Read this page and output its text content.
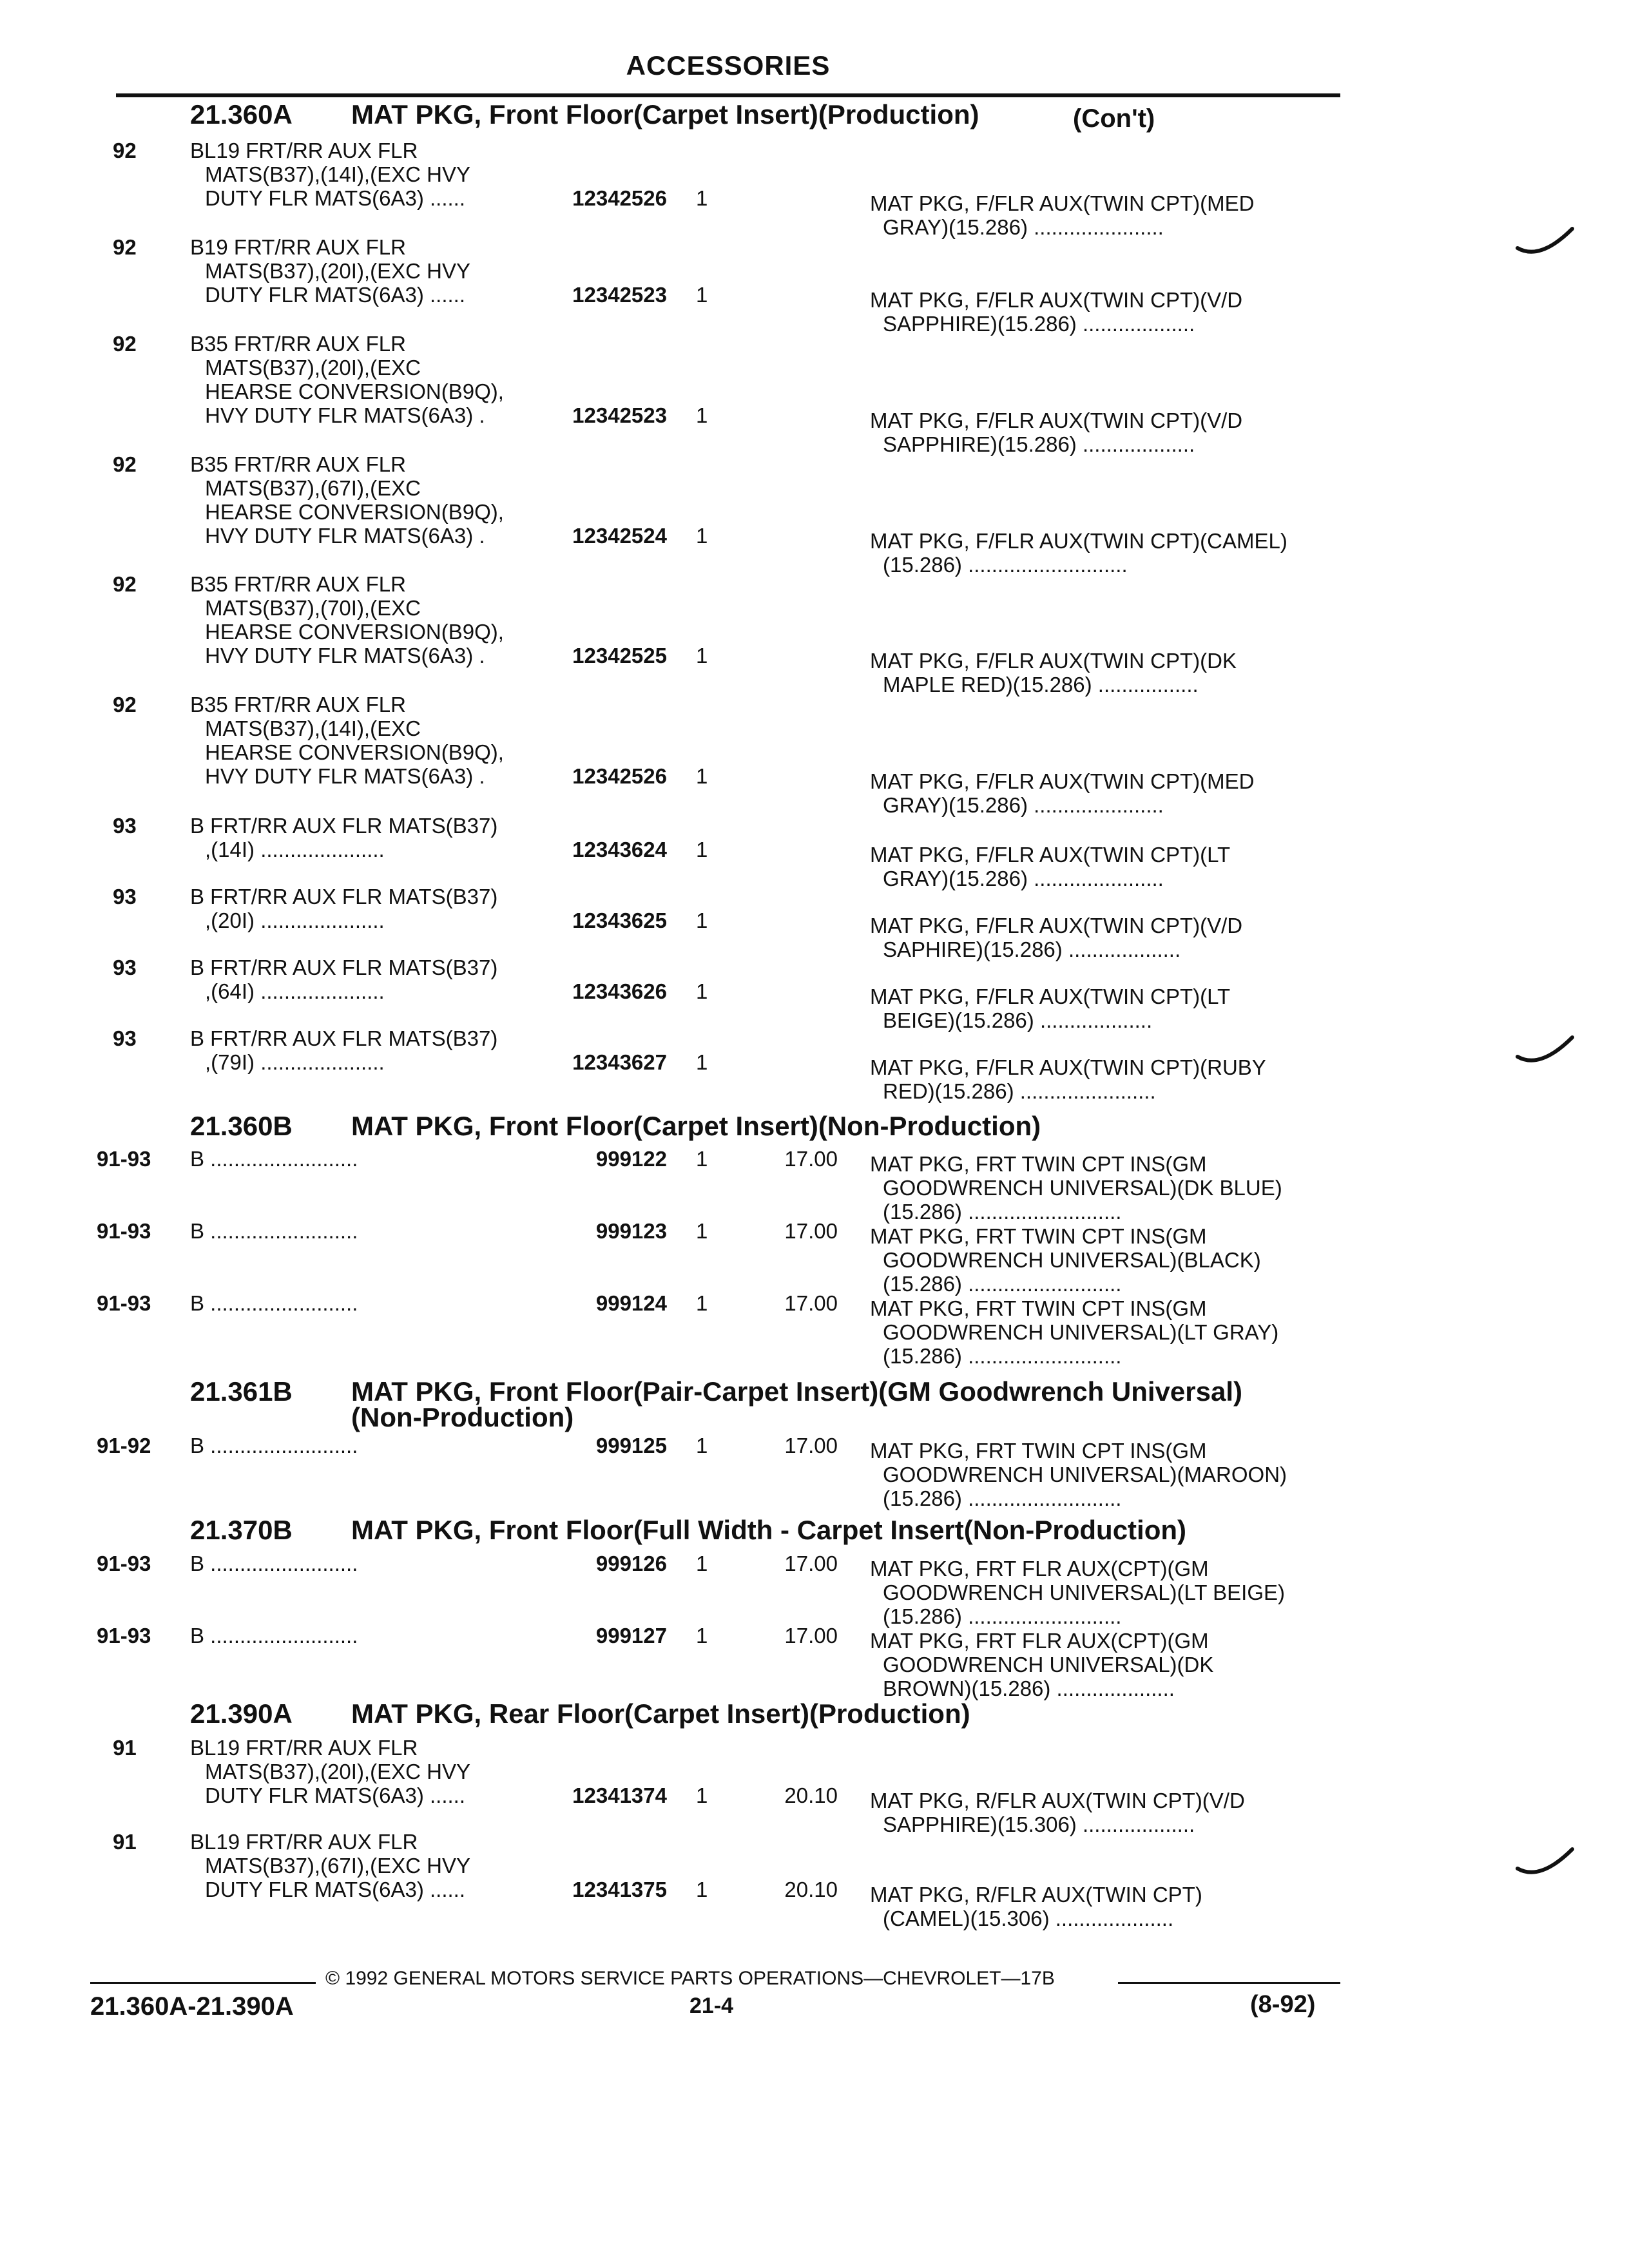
ACCESSORIES
21.360A MAT PKG, Front Floor(Carpet Insert)(Production)	(Con't)
92	BL19 FRT/RR AUX FLR
MATS(B37),(14I),(EXC HVY
DUTY FLR MATS(6A3) ......	12342526 1	MAT PKG, F/FLR AUX(TWIN CPT)(MED
GRAY)(15.286) ......................
92	B19 FRT/RR AUX FLR
MATS(B37),(20I),(EXC HVY
DUTY FLR MATS(6A3) ......	12342523 1	MAT PKG, F/FLR AUX(TWIN CPT)(V/D
SAPPHIRE)(15.286) ...................
92	B35 FRT/RR AUX FLR
MATS(B37),(20I),(EXC
HEARSE CONVERSION(B9Q),
HVY DUTY FLR MATS(6A3) .	12342523 1	MAT PKG, F/FLR AUX(TWIN CPT)(V/D
SAPPHIRE)(15.286) ...................
92	B35 FRT/RR AUX FLR
MATS(B37),(67I),(EXC
HEARSE CONVERSION(B9Q),
HVY DUTY FLR MATS(6A3) .	12342524 1	MAT PKG, F/FLR AUX(TWIN CPT)(CAMEL)
(15.286) ...........................
92	B35 FRT/RR AUX FLR
MATS(B37),(70I),(EXC
HEARSE CONVERSION(B9Q),
HVY DUTY FLR MATS(6A3) .	12342525 1	MAT PKG, F/FLR AUX(TWIN CPT)(DK
MAPLE RED)(15.286) .................
92	B35 FRT/RR AUX FLR
MATS(B37),(14I),(EXC
HEARSE CONVERSION(B9Q),
HVY DUTY FLR MATS(6A3) .	12342526 1	MAT PKG, F/FLR AUX(TWIN CPT)(MED
GRAY)(15.286) ......................
93	B FRT/RR AUX FLR MATS(B37)
,(14I) .....................	12343624 1	MAT PKG, F/FLR AUX(TWIN CPT)(LT
GRAY)(15.286) ......................
93	B FRT/RR AUX FLR MATS(B37)
,(20I) .....................	12343625 1	MAT PKG, F/FLR AUX(TWIN CPT)(V/D
SAPHIRE)(15.286) ...................
93	B FRT/RR AUX FLR MATS(B37)
,(64I) .....................	12343626 1	MAT PKG, F/FLR AUX(TWIN CPT)(LT
BEIGE)(15.286) ...................
93	B FRT/RR AUX FLR MATS(B37)
,(79I) .....................	12343627 1	MAT PKG, F/FLR AUX(TWIN CPT)(RUBY
RED)(15.286) .......................
21.360B MAT PKG, Front Floor(Carpet Insert)(Non-Production)
91-93 B .........................	999122 1	17.00 MAT PKG, FRT TWIN CPT INS(GM
GOODWRENCH UNIVERSAL)(DK BLUE)
(15.286) ..........................
91-93 B .........................	999123 1	17.00 MAT PKG, FRT TWIN CPT INS(GM
GOODWRENCH UNIVERSAL)(BLACK)
(15.286) ..........................
91-93 B .........................	999124 1	17.00 MAT PKG, FRT TWIN CPT INS(GM
GOODWRENCH UNIVERSAL)(LT GRAY)
(15.286) ..........................
21.361B MAT PKG, Front Floor(Pair-Carpet Insert)(GM Goodwrench Universal)
(Non-Production)
91-92 B .........................	999125 1	17.00 MAT PKG, FRT TWIN CPT INS(GM
GOODWRENCH UNIVERSAL)(MAROON)
(15.286) ..........................
21.370B MAT PKG, Front Floor(Full Width - Carpet Insert(Non-Production)
91-93 B .........................	999126 1	17.00 MAT PKG, FRT FLR AUX(CPT)(GM
GOODWRENCH UNIVERSAL)(LT BEIGE)
(15.286) ..........................
91-93 B .........................	999127 1	17.00 MAT PKG, FRT FLR AUX(CPT)(GM
GOODWRENCH UNIVERSAL)(DK
BROWN)(15.286) ....................
21.390A MAT PKG, Rear Floor(Carpet Insert)(Production)
91	BL19 FRT/RR AUX FLR
MATS(B37),(20I),(EXC HVY
DUTY FLR MATS(6A3) ......	12341374 1	20.10 MAT PKG, R/FLR AUX(TWIN CPT)(V/D
SAPPHIRE)(15.306) ...................
91	BL19 FRT/RR AUX FLR
MATS(B37),(67I),(EXC HVY
DUTY FLR MATS(6A3) ......	12341375 1	20.10 MAT PKG, R/FLR AUX(TWIN CPT)
(CAMEL)(15.306) ....................
© 1992 GENERAL MOTORS SERVICE PARTS OPERATIONS—CHEVROLET—17B
21.360A-21.390A	21-4	(8-92)
